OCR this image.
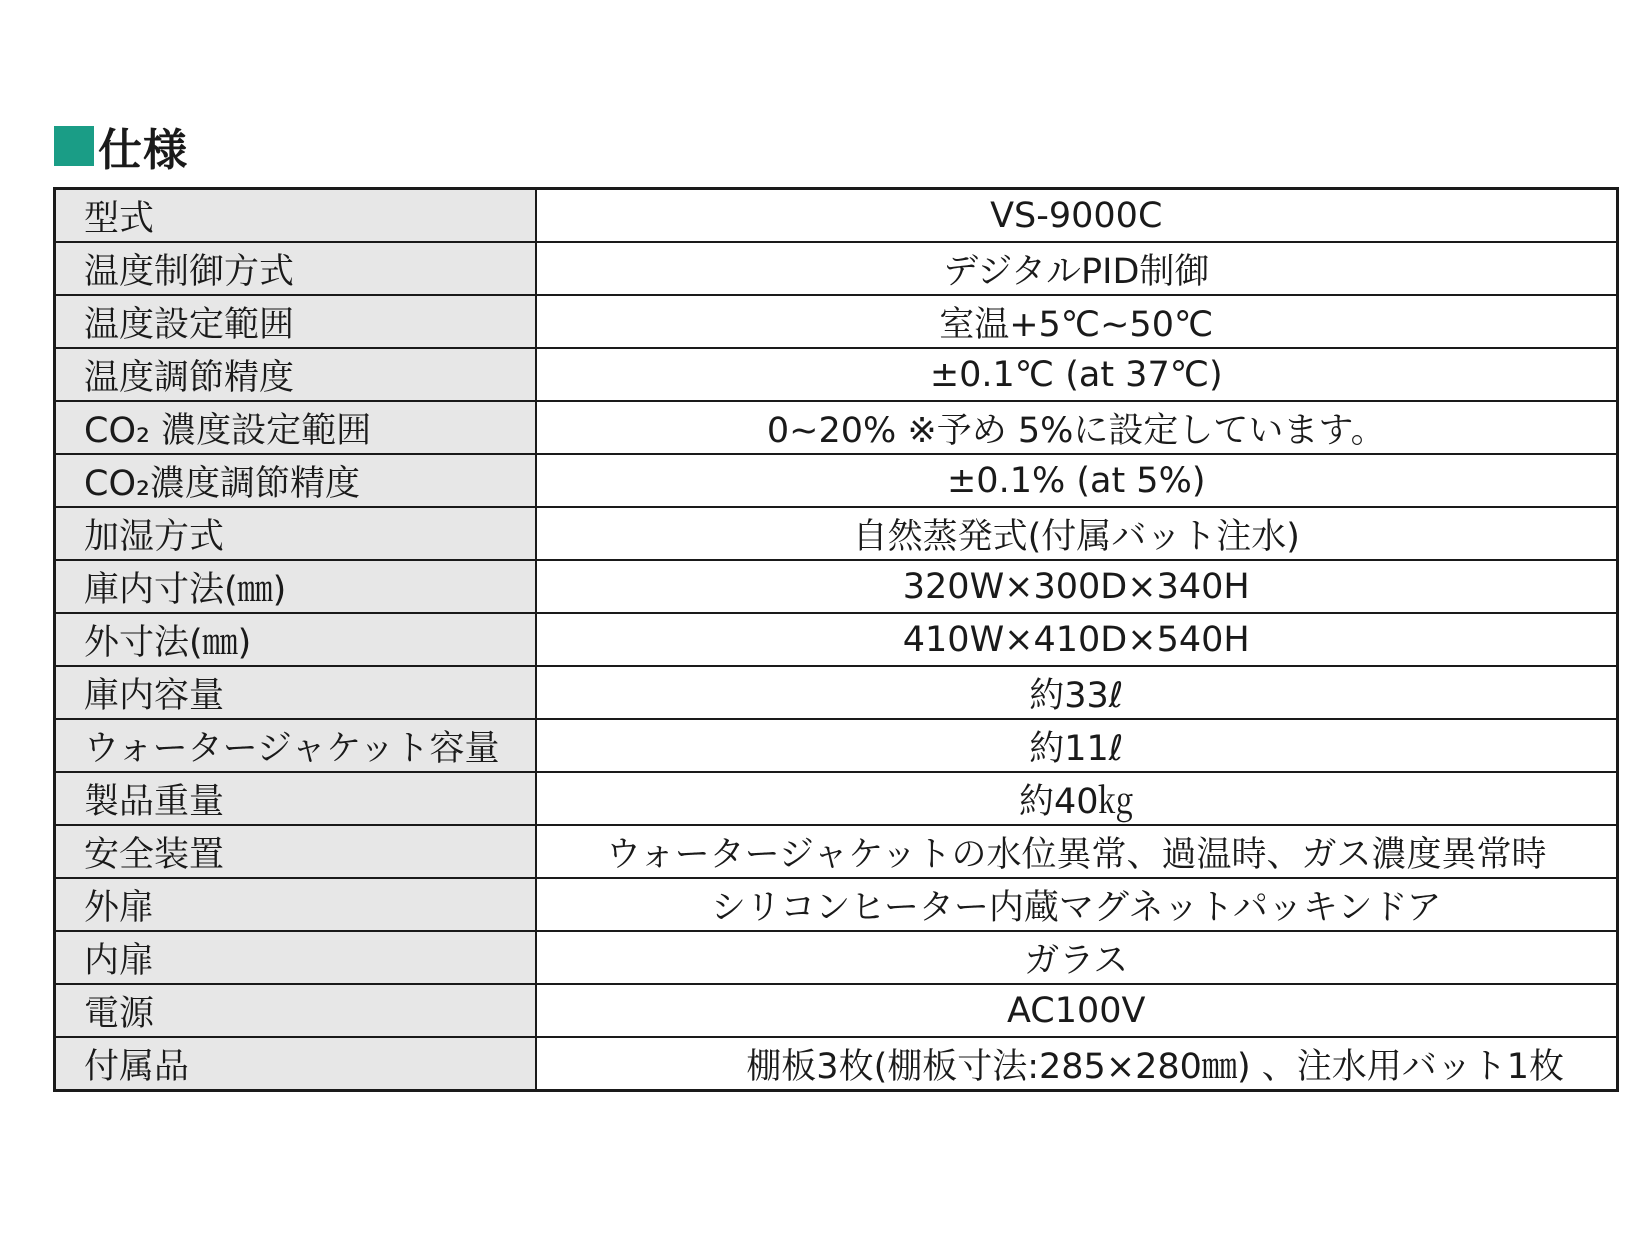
仕様
型式	VS-9000C
温度制御方式	デジタルPID制御
温度設定範囲	室温+5℃~50℃
温度調節精度	±0.1℃ (at 37℃)
CO₂ 濃度設定範囲	0~20% ※予め 5%に設定しています。
CO₂濃度調節精度	±0.1% (at 5%)
加湿方式	自然蒸発式(付属バット注水)
庫内寸法(㎜)	320W×300D×340H
外寸法(㎜)	410W×410D×540H
庫内容量	約33ℓ
ウォータージャケット容量	約11ℓ
製品重量	約40㎏
安全装置	ウォータージャケットの水位異常、過温時、ガス濃度異常時
外扉	シリコンヒーター内蔵マグネットパッキンドア
内扉	ガラス
電源	AC100V
付属品	棚板3枚(棚板寸法:285×280㎜) 、注水用バット1枚
